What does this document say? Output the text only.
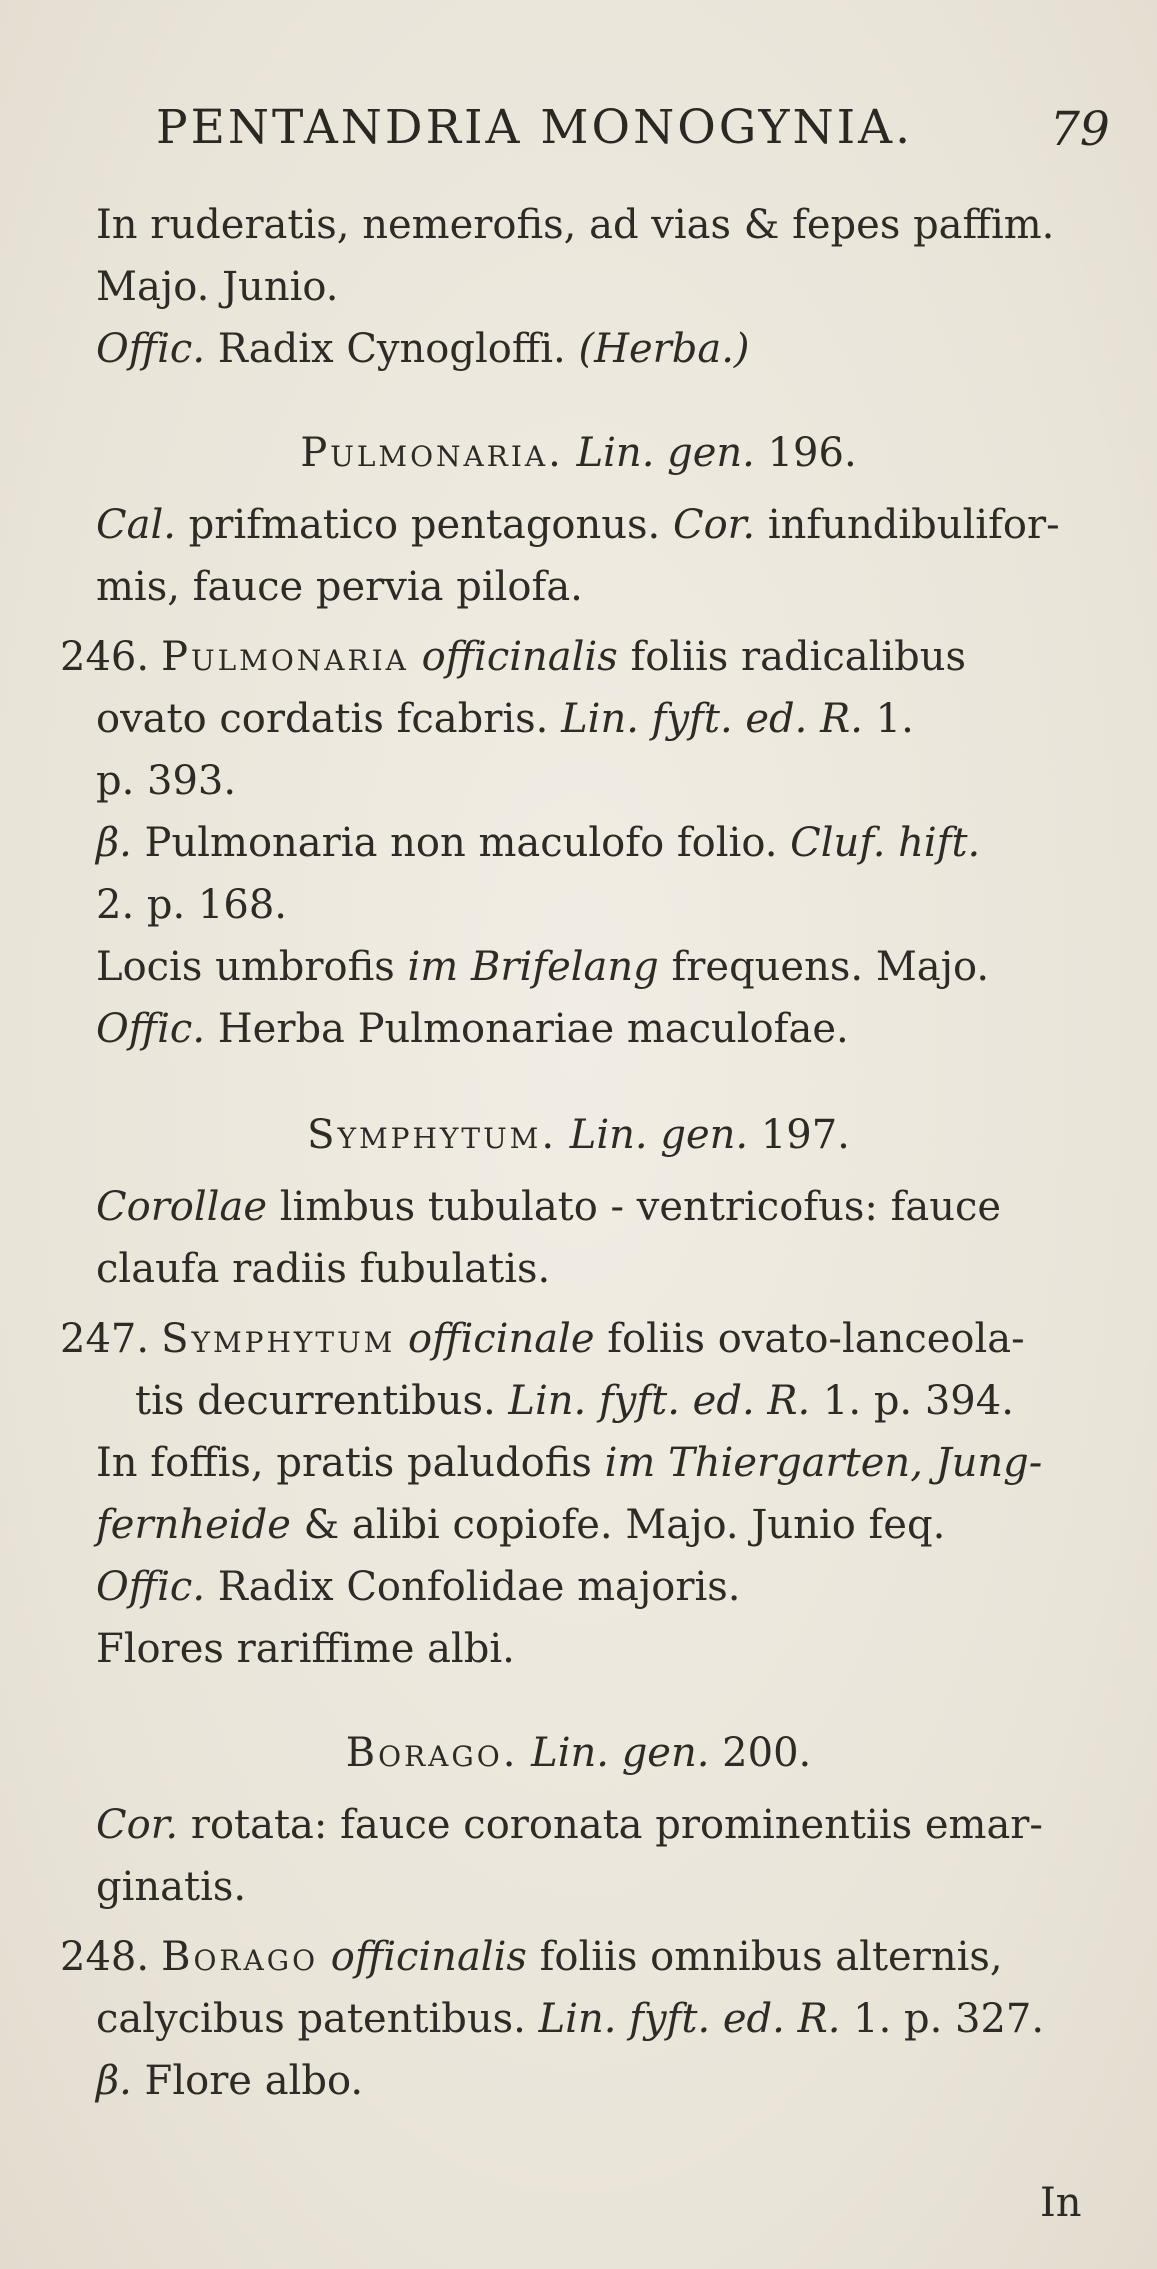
PENTANDRIA MONOGYNIA.	79
In ruderatis, nemerofis, ad vias & fepes paffim.
Majo. Junio.
Offic. Radix Cynogloffi. (Herba.)
Pulmonaria. Lin. gen. 196.
Cal. prifmatico pentagonus. Cor. infundibulifor-
mis, fauce pervia pilofa.
246. Pulmonaria officinalis foliis radicalibus
ovato cordatis fcabris. Lin. fyft. ed. R. 1.
p. 393.
β. Pulmonaria non maculofo folio. Cluf. hift.
2. p. 168.
Locis umbrofis im Brifelang frequens. Majo.
Offic. Herba Pulmonariae maculofae.
Symphytum. Lin. gen. 197.
Corollae limbus tubulato - ventricofus: fauce
claufa radiis fubulatis.
247. Symphytum officinale foliis ovato-lanceola-
tis decurrentibus. Lin. fyft. ed. R. 1. p. 394.
In foffis, pratis paludofis im Thiergarten, Jung-
fernheide & alibi copiofe. Majo. Junio feq.
Offic. Radix Confolidae majoris.
Flores rariffime albi.
Borago. Lin. gen. 200.
Cor. rotata: fauce coronata prominentiis emar-
ginatis.
248. Borago officinalis foliis omnibus alternis,
calycibus patentibus. Lin. fyft. ed. R. 1. p. 327.
β. Flore albo.
In
